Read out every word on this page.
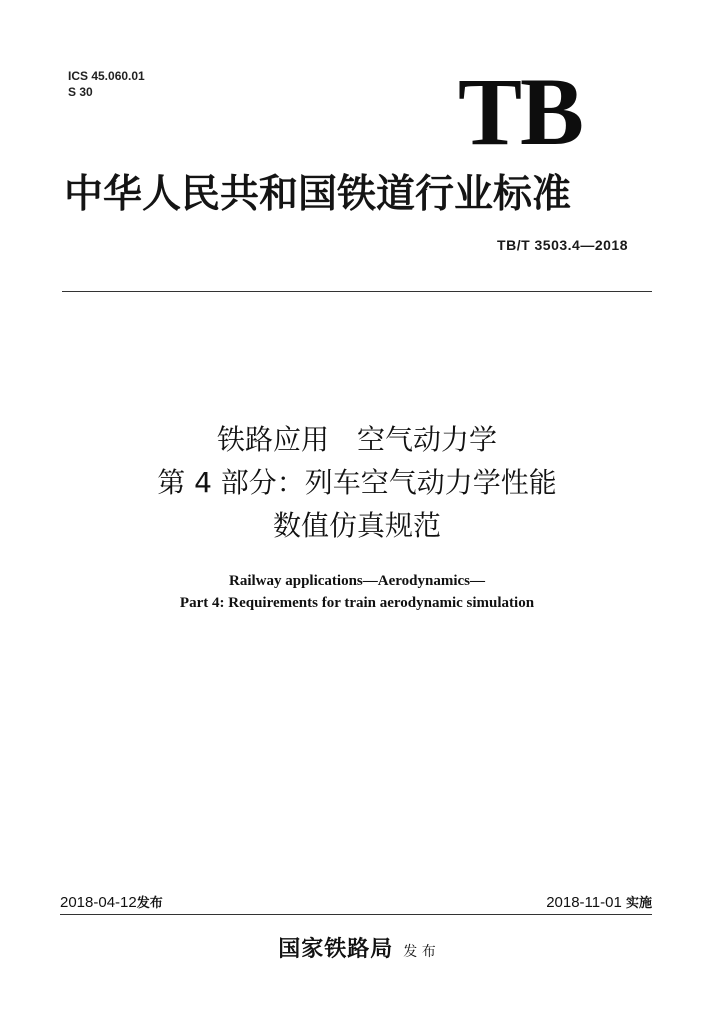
ICS 45.060.01
S 30	TB
中华人民共和国铁道行业标准
TB/T 3503.4—2018
铁路应用　空气动力学
第 4 部分：列车空气动力学性能
数值仿真规范
Railway applications—Aerodynamics—
Part 4: Requirements for train aerodynamic simulation
2018-04-12发布	2018-11-01 实施
国家铁路局 发 布
